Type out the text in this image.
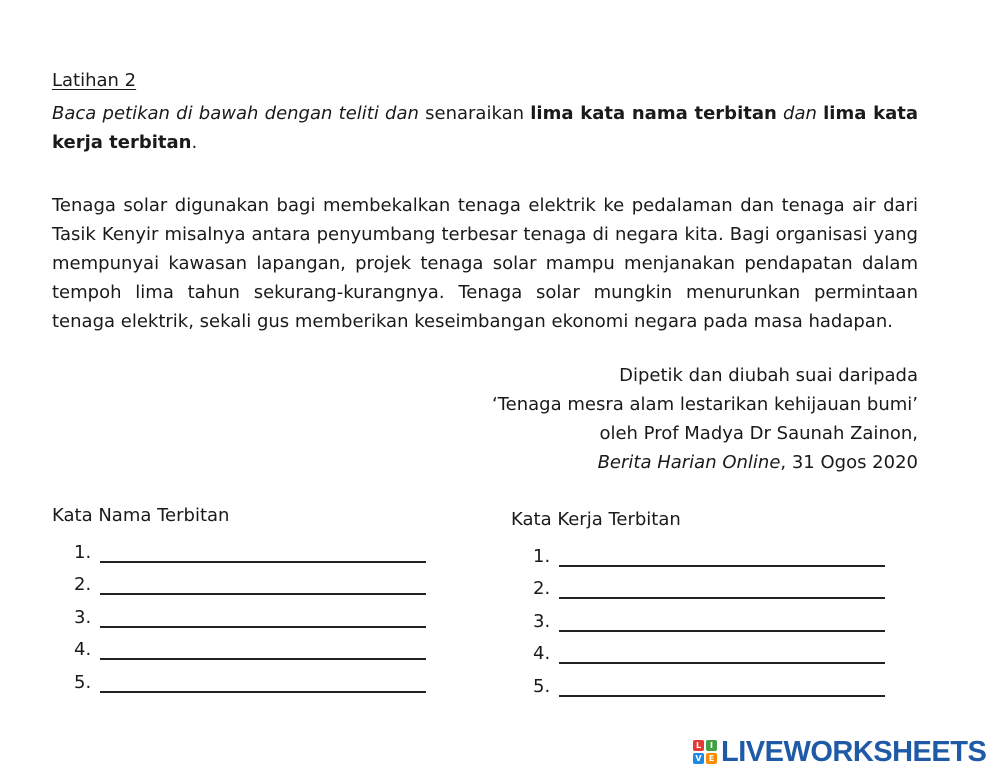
Latihan 2
Baca petikan di bawah dengan teliti dan senaraikan lima kata nama terbitan dan lima kata kerja terbitan.

Tenaga solar digunakan bagi membekalkan tenaga elektrik ke pedalaman dan tenaga air dari Tasik Kenyir misalnya antara penyumbang terbesar tenaga di negara kita. Bagi organisasi yang mempunyai kawasan lapangan, projek tenaga solar mampu menjanakan pendapatan dalam tempoh lima tahun sekurang-kurangnya. Tenaga solar mungkin menurunkan permintaan tenaga elektrik, sekali gus memberikan keseimbangan ekonomi negara pada masa hadapan.

Dipetik dan diubah suai daripada
‘Tenaga mesra alam lestarikan kehijauan bumi’
oleh Prof Madya Dr Saunah Zainon,
Berita Harian Online, 31 Ogos 2020
Kata Nama Terbitan
1.
2.
3.
4.
5.
Kata Kerja Terbitan
1.
2.
3.
4.
5.
L	I
V E LIVEWORKSHEETS
